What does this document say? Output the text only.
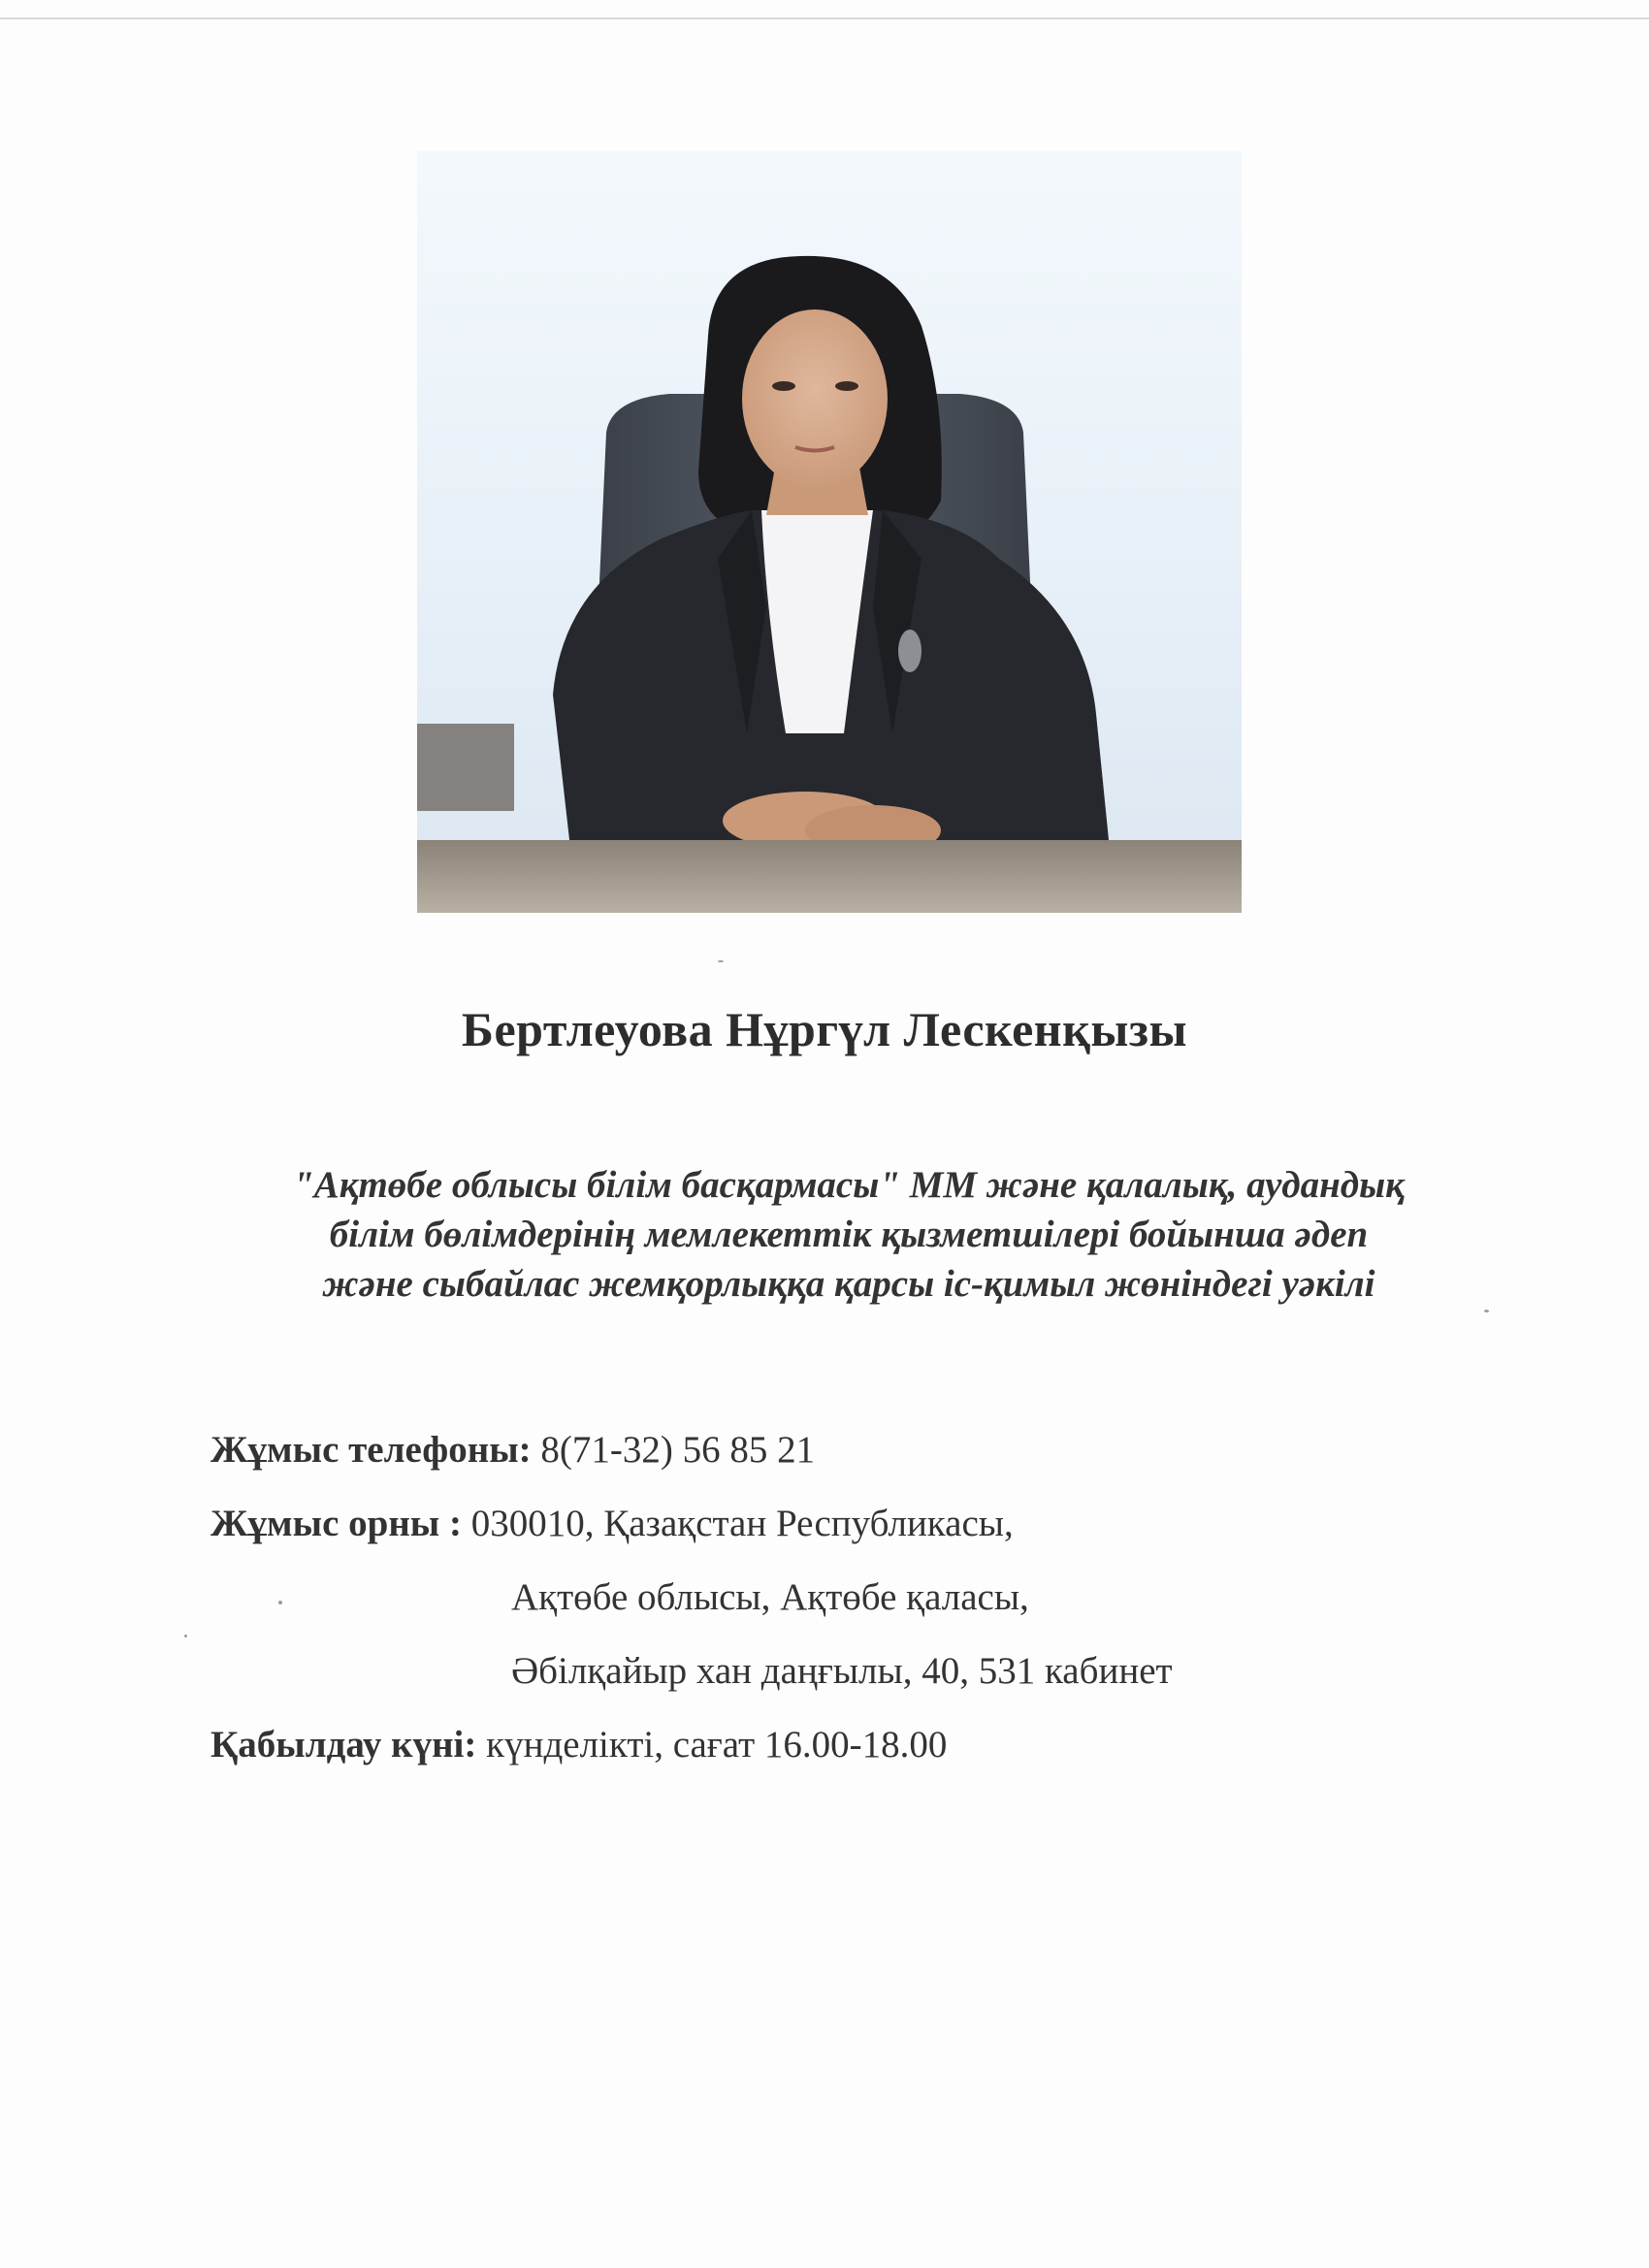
Бертлеуова Нұргүл Лескенқызы
"Ақтөбе облысы білім басқармасы" ММ және қалалық, аудандық
білім бөлімдерінің мемлекеттік қызметшілері бойынша әдеп
және сыбайлас жемқорлыққа қарсы іс-қимыл жөніндегі уәкілі
Жұмыс телефоны: 8(71-32) 56 85 21
Жұмыс орны : 030010, Қазақстан Республикасы,
Ақтөбе облысы, Ақтөбе қаласы,
Әбілқайыр хан даңғылы, 40, 531 кабинет
Қабылдау күні: күнделікті, сағат 16.00-18.00
